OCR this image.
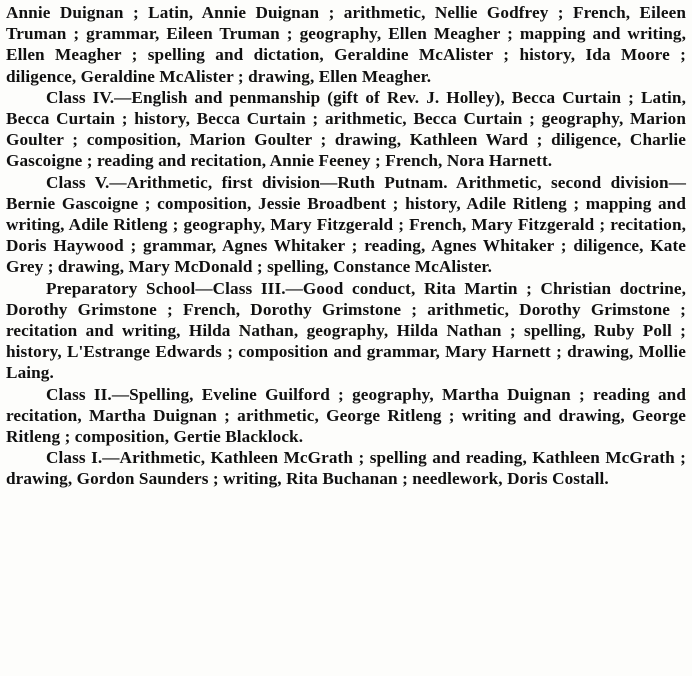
Annie Duignan ; Latin, Annie Duignan ; arithmetic, Nellie Godfrey ; French, Eileen Truman ; grammar, Eileen Truman ; geography, Ellen Meagher ; mapping and writing, Ellen Meagher ; spelling and dictation, Geraldine McAlister ; history, Ida Moore ; diligence, Geraldine McAlister ; drawing, Ellen Meagher.

Class IV.—English and penmanship (gift of Rev. J. Holley), Becca Curtain ; Latin, Becca Curtain ; history, Becca Curtain ; arithmetic, Becca Curtain ; geography, Marion Goulter ; composition, Marion Goulter ; drawing, Kathleen Ward ; diligence, Charlie Gascoigne ; reading and recitation, Annie Feeney ; French, Nora Harnett.

Class V.—Arithmetic, first division—Ruth Putnam. Arithmetic, second division—Bernie Gascoigne ; composition, Jessie Broadbent ; history, Adile Ritleng ; mapping and writing, Adile Ritleng ; geography, Mary Fitzgerald ; French, Mary Fitzgerald ; recitation, Doris Haywood ; grammar, Agnes Whitaker ; reading, Agnes Whitaker ; diligence, Kate Grey ; drawing, Mary McDonald ; spelling, Constance McAlister.

Preparatory School—Class III.—Good conduct, Rita Martin ; Christian doctrine, Dorothy Grimstone ; French, Dorothy Grimstone ; arithmetic, Dorothy Grimstone ; recitation and writing, Hilda Nathan, geography, Hilda Nathan ; spelling, Ruby Poll ; history, L'Estrange Edwards ; composition and grammar, Mary Harnett ; drawing, Mollie Laing.

Class II.—Spelling, Eveline Guilford ; geography, Martha Duignan ; reading and recitation, Martha Duignan ; arithmetic, George Ritleng ; writing and drawing, George Ritleng ; composition, Gertie Blacklock.

Class I.—Arithmetic, Kathleen McGrath ; spelling and reading, Kathleen McGrath ; drawing, Gordon Saunders ; writing, Rita Buchanan ; needlework, Doris Costall.
